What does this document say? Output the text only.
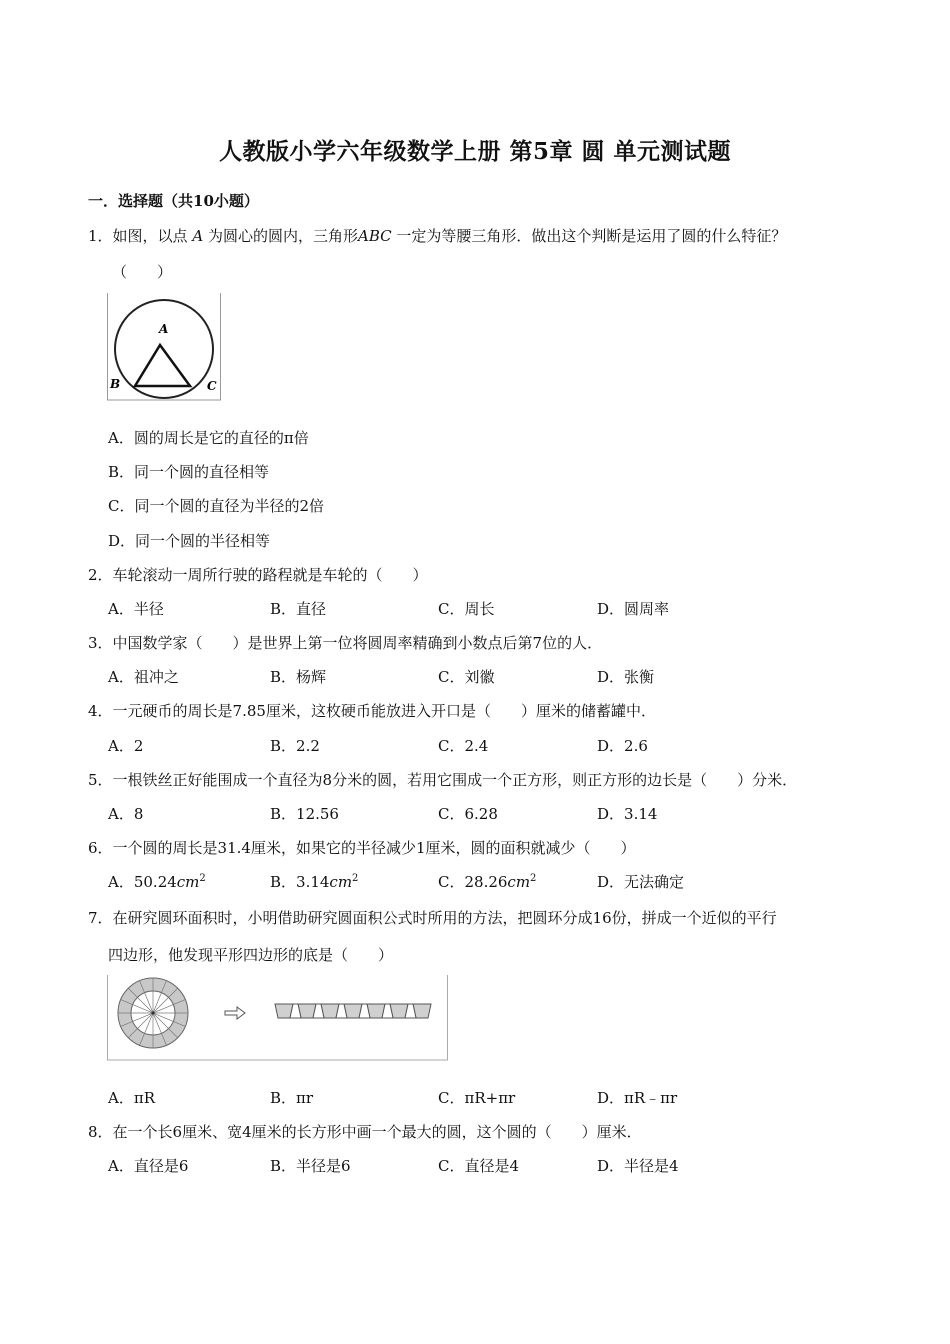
人教版小学六年级数学上册 第5章 圆 单元测试题
一．选择题（共10小题）
1．如图，以点 A 为圆心的圆内，三角形ABC 一定为等腰三角形．做出这个判断是运用了圆的什么特征？
（　　）
A
B	C
A．圆的周长是它的直径的π倍
B．同一个圆的直径相等
C．同一个圆的直径为半径的2倍
D．同一个圆的半径相等
2．车轮滚动一周所行驶的路程就是车轮的（　　）
A．半径	B．直径	C．周长	D．圆周率
3．中国数学家（　　）是世界上第一位将圆周率精确到小数点后第7位的人．
A．祖冲之	B．杨辉	C．刘徽	D．张衡
4．一元硬币的周长是7.85厘米，这枚硬币能放进入开口是（　　）厘米的储蓄罐中．
A．2	B．2.2	C．2.4	D．2.6
5．一根铁丝正好能围成一个直径为8分米的圆，若用它围成一个正方形，则正方形的边长是（　　）分米．
A．8	B．12.56	C．6.28	D．3.14
6．一个圆的周长是31.4厘米，如果它的半径减少1厘米，圆的面积就减少（　　）
A．$50.24cm^2$	B．$3.14cm^2$	C．$28.26cm^2$	D．无法确定
7．在研究圆环面积时，小明借助研究圆面积公式时所用的方法，把圆环分成16份，拼成一个近似的平行
四边形，他发现平形四边形的底是（　　）
A．πR	B．πr	C．πR+πr	D．πR﹣πr
8．在一个长6厘米、宽4厘米的长方形中画一个最大的圆，这个圆的（　　）厘米．
A．直径是6	B．半径是6	C．直径是4	D．半径是4
